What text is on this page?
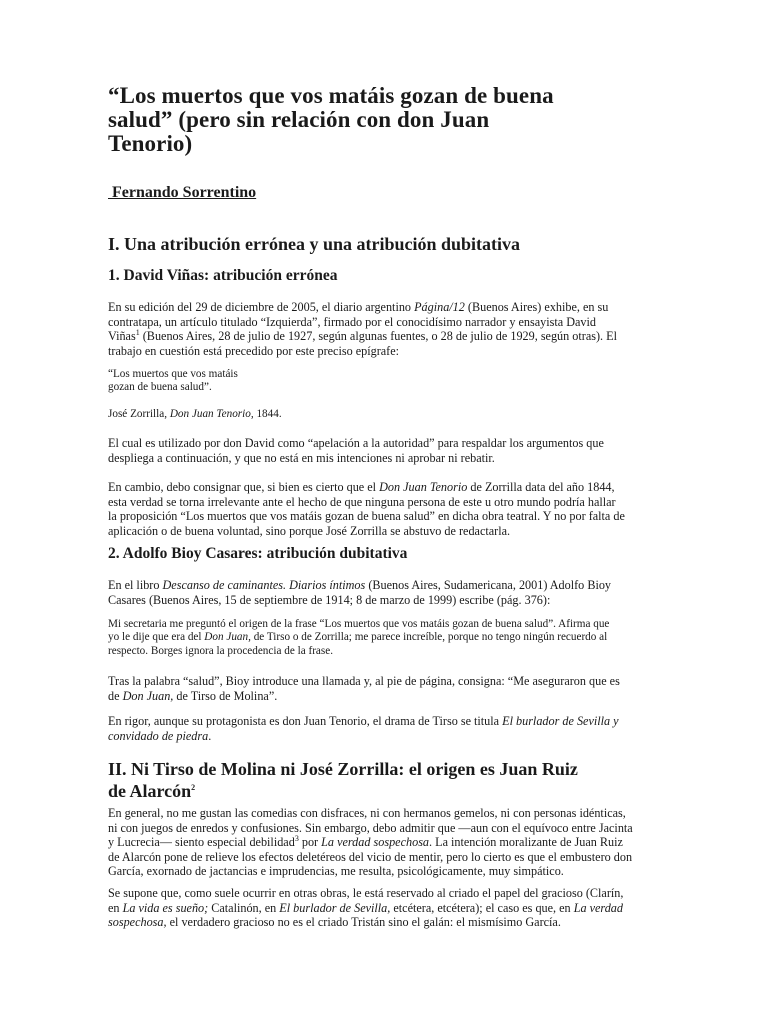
“Los muertos que vos matáis gozan de buena
salud” (pero sin relación con don Juan
Tenorio)
Fernando Sorrentino
I. Una atribución errónea y una atribución dubitativa
1. David Viñas: atribución errónea
En su edición del 29 de diciembre de 2005, el diario argentino Página/12 (Buenos Aires) exhibe, en su
contratapa, un artículo titulado “Izquierda”, firmado por el conocidísimo narrador y ensayista David
Viñas$^1$ (Buenos Aires, 28 de julio de 1927, según algunas fuentes, o 28 de julio de 1929, según otras). El
trabajo en cuestión está precedido por este preciso epígrafe:
“Los muertos que vos matáis
gozan de buena salud”.
José Zorrilla, Don Juan Tenorio, 1844.
El cual es utilizado por don David como “apelación a la autoridad” para respaldar los argumentos que
despliega a continuación, y que no está en mis intenciones ni aprobar ni rebatir.
En cambio, debo consignar que, si bien es cierto que el Don Juan Tenorio de Zorrilla data del año 1844,
esta verdad se torna irrelevante ante el hecho de que ninguna persona de este u otro mundo podría hallar
la proposición “Los muertos que vos matáis gozan de buena salud” en dicha obra teatral. Y no por falta de
aplicación o de buena voluntad, sino porque José Zorrilla se abstuvo de redactarla.
2. Adolfo Bioy Casares: atribución dubitativa
En el libro Descanso de caminantes. Diarios íntimos (Buenos Aires, Sudamericana, 2001) Adolfo Bioy
Casares (Buenos Aires, 15 de septiembre de 1914; 8 de marzo de 1999) escribe (pág. 376):
Mi secretaria me preguntó el origen de la frase “Los muertos que vos matáis gozan de buena salud”. Afirma que
yo le dije que era del Don Juan, de Tirso o de Zorrilla; me parece increíble, porque no tengo ningún recuerdo al
respecto. Borges ignora la procedencia de la frase.
Tras la palabra “salud”, Bioy introduce una llamada y, al pie de página, consigna: “Me aseguraron que es
de Don Juan, de Tirso de Molina”.
En rigor, aunque su protagonista es don Juan Tenorio, el drama de Tirso se titula El burlador de Sevilla y
convidado de piedra.
II. Ni Tirso de Molina ni José Zorrilla: el origen es Juan Ruiz
de Alarcón$^2$
En general, no me gustan las comedias con disfraces, ni con hermanos gemelos, ni con personas idénticas,
ni con juegos de enredos y confusiones. Sin embargo, debo admitir que —aun con el equívoco entre Jacinta
y Lucrecia— siento especial debilidad$^3$ por La verdad sospechosa. La intención moralizante de Juan Ruiz
de Alarcón pone de relieve los efectos deletéreos del vicio de mentir, pero lo cierto es que el embustero don
García, exornado de jactancias e imprudencias, me resulta, psicológicamente, muy simpático.
Se supone que, como suele ocurrir en otras obras, le está reservado al criado el papel del gracioso (Clarín,
en La vida es sueño; Catalinón, en El burlador de Sevilla, etcétera, etcétera); el caso es que, en La verdad
sospechosa, el verdadero gracioso no es el criado Tristán sino el galán: el mismísimo García.
